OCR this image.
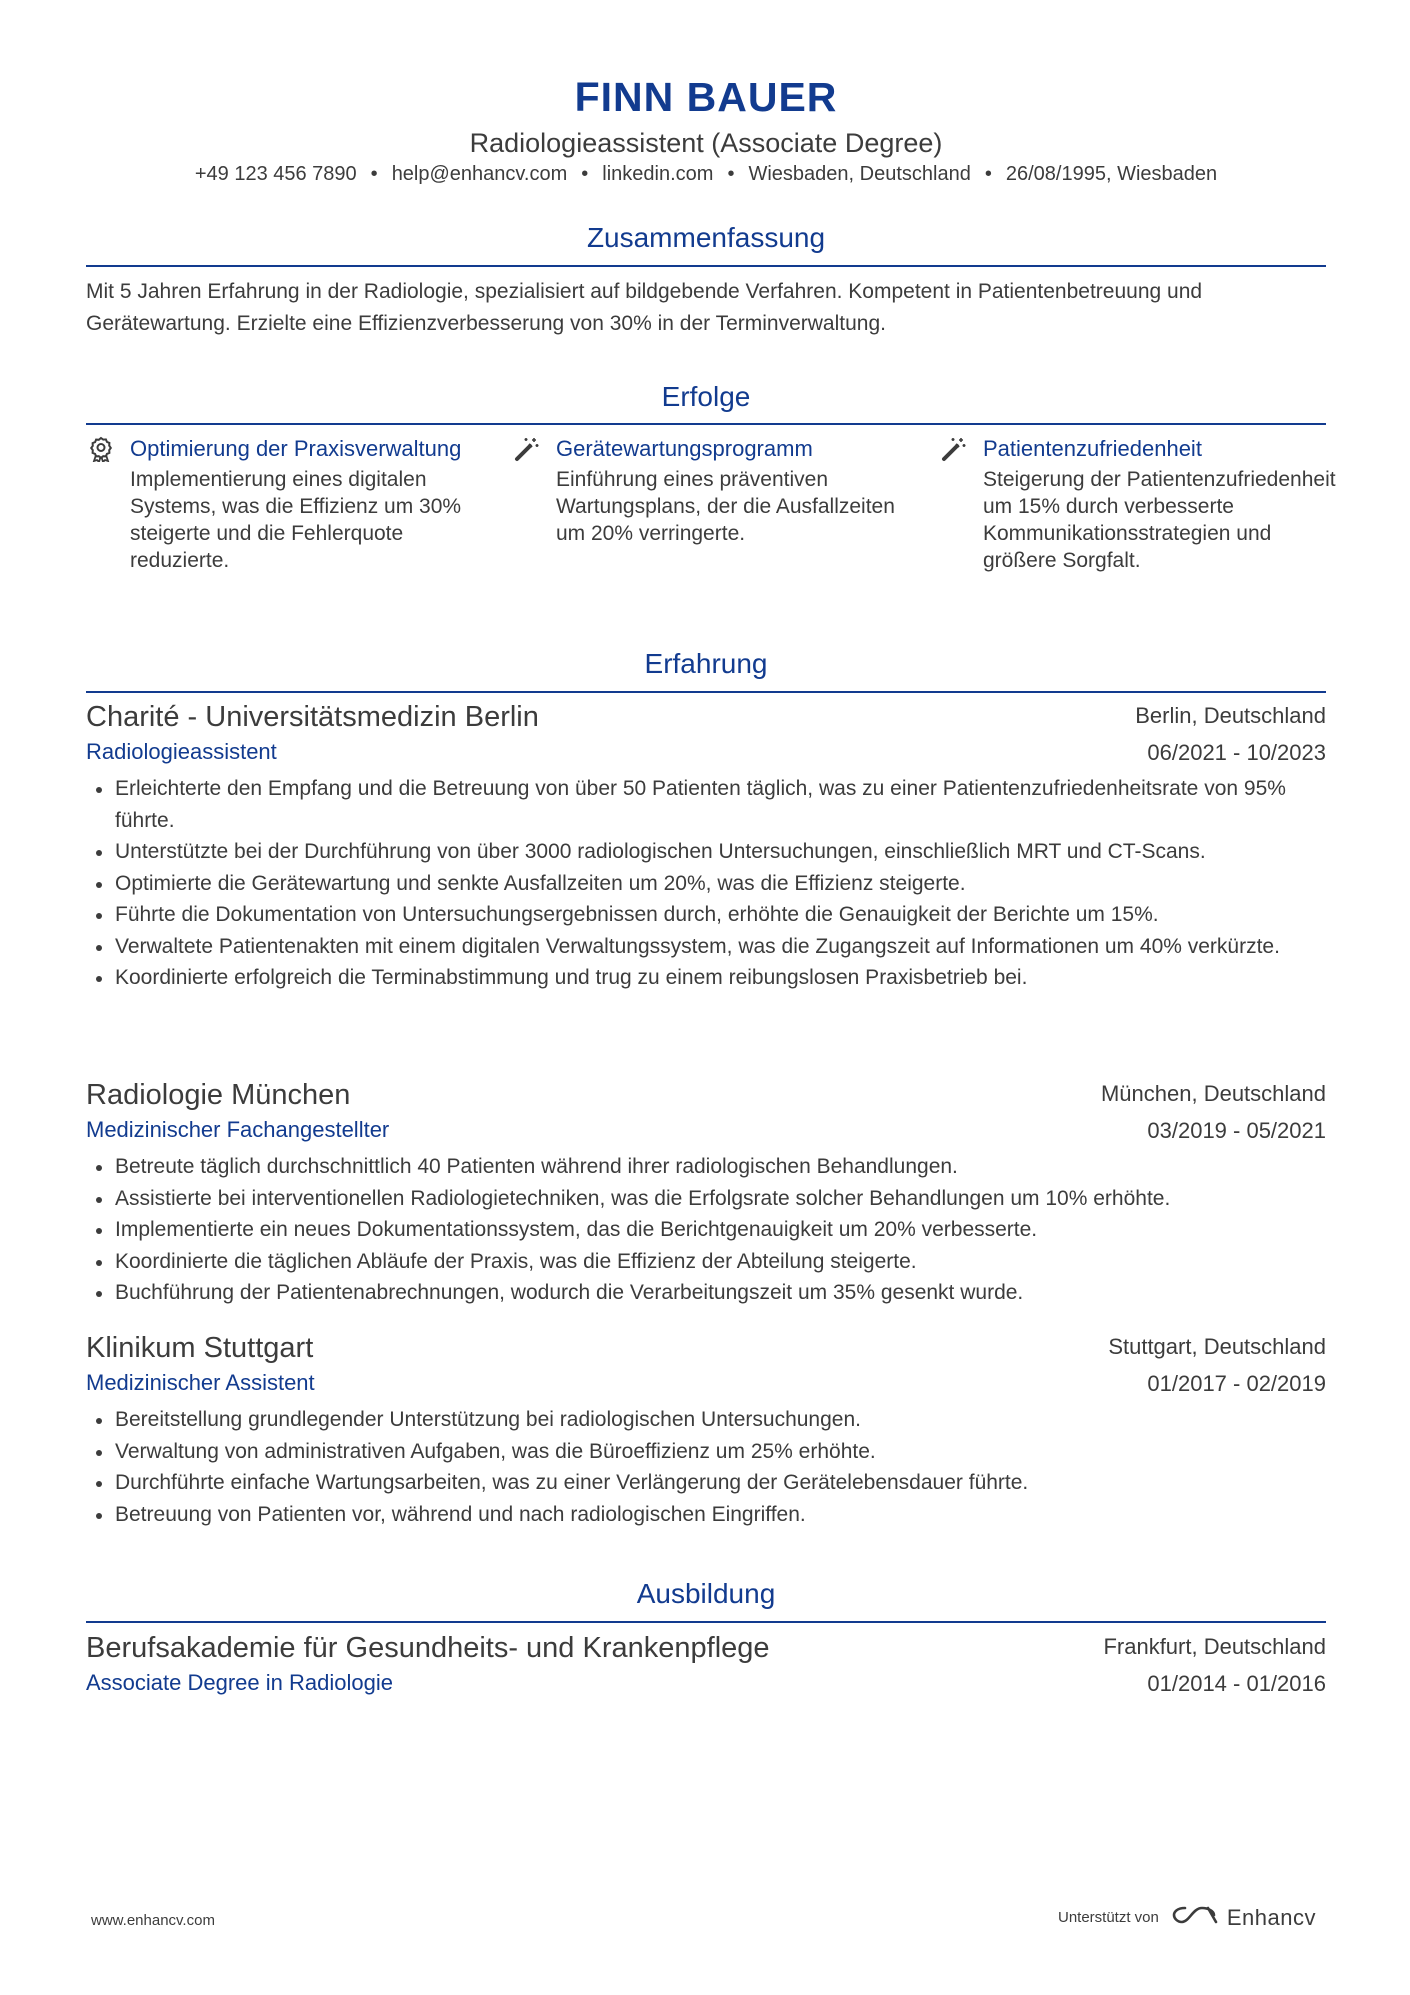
FINN BAUER
Radiologieassistent (Associate Degree)
+49 123 456 7890 • help@enhancv.com • linkedin.com • Wiesbaden, Deutschland • 26/08/1995, Wiesbaden
Zusammenfassung
Mit 5 Jahren Erfahrung in der Radiologie, spezialisiert auf bildgebende Verfahren. Kompetent in Patientenbetreuung und Gerätewartung. Erzielte eine Effizienzverbesserung von 30% in der Terminverwaltung.
Erfolge
Optimierung der Praxisverwaltung
Implementierung eines digitalen Systems, was die Effizienz um 30% steigerte und die Fehlerquote reduzierte.
Gerätewartungsprogramm
Einführung eines präventiven Wartungsplans, der die Ausfallzeiten um 20% verringerte.
Patientenzufriedenheit
Steigerung der Patientenzufriedenheit um 15% durch verbesserte Kommunikationsstrategien und größere Sorgfalt.
Erfahrung
Charité - Universitätsmedizin Berlin	Berlin, Deutschland
Radiologieassistent	06/2021 - 10/2023
Erleichterte den Empfang und die Betreuung von über 50 Patienten täglich, was zu einer Patientenzufriedenheitsrate von 95% führte.
Unterstützte bei der Durchführung von über 3000 radiologischen Untersuchungen, einschließlich MRT und CT-Scans.
Optimierte die Gerätewartung und senkte Ausfallzeiten um 20%, was die Effizienz steigerte.
Führte die Dokumentation von Untersuchungsergebnissen durch, erhöhte die Genauigkeit der Berichte um 15%.
Verwaltete Patientenakten mit einem digitalen Verwaltungssystem, was die Zugangszeit auf Informationen um 40% verkürzte.
Koordinierte erfolgreich die Terminabstimmung und trug zu einem reibungslosen Praxisbetrieb bei.
Radiologie München	München, Deutschland
Medizinischer Fachangestellter	03/2019 - 05/2021
Betreute täglich durchschnittlich 40 Patienten während ihrer radiologischen Behandlungen.
Assistierte bei interventionellen Radiologietechniken, was die Erfolgsrate solcher Behandlungen um 10% erhöhte.
Implementierte ein neues Dokumentationssystem, das die Berichtgenauigkeit um 20% verbesserte.
Koordinierte die täglichen Abläufe der Praxis, was die Effizienz der Abteilung steigerte.
Buchführung der Patientenabrechnungen, wodurch die Verarbeitungszeit um 35% gesenkt wurde.
Klinikum Stuttgart	Stuttgart, Deutschland
Medizinischer Assistent	01/2017 - 02/2019
Bereitstellung grundlegender Unterstützung bei radiologischen Untersuchungen.
Verwaltung von administrativen Aufgaben, was die Büroeffizienz um 25% erhöhte.
Durchführte einfache Wartungsarbeiten, was zu einer Verlängerung der Gerätelebensdauer führte.
Betreuung von Patienten vor, während und nach radiologischen Eingriffen.
Ausbildung
Berufsakademie für Gesundheits- und Krankenpflege	Frankfurt, Deutschland
Associate Degree in Radiologie	01/2014 - 01/2016
www.enhancv.com	Unterstützt von	Enhancv
